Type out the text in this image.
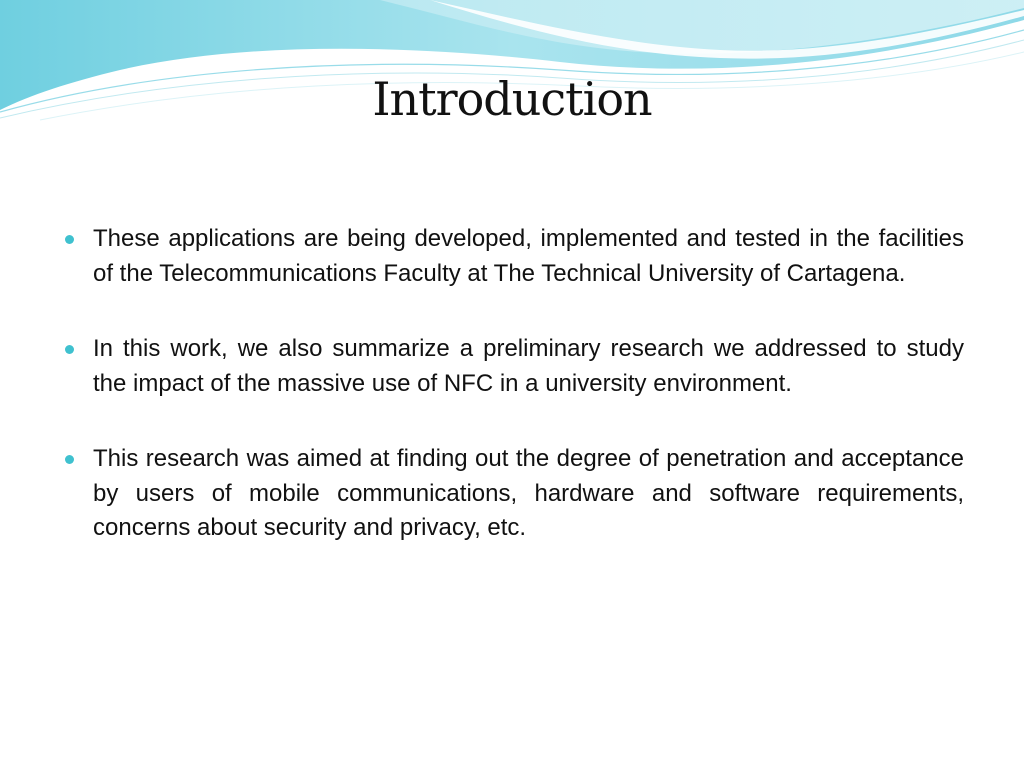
Introduction
These applications are being developed, implemented and tested in the facilities of the Telecommunications Faculty at The Technical University of Cartagena.
In this work, we also summarize a preliminary research we addressed to study the impact of the massive use of NFC in a university environment.
This research was aimed at finding out the degree of penetration and acceptance by users of mobile communications, hardware and software requirements, concerns about security and privacy, etc.
